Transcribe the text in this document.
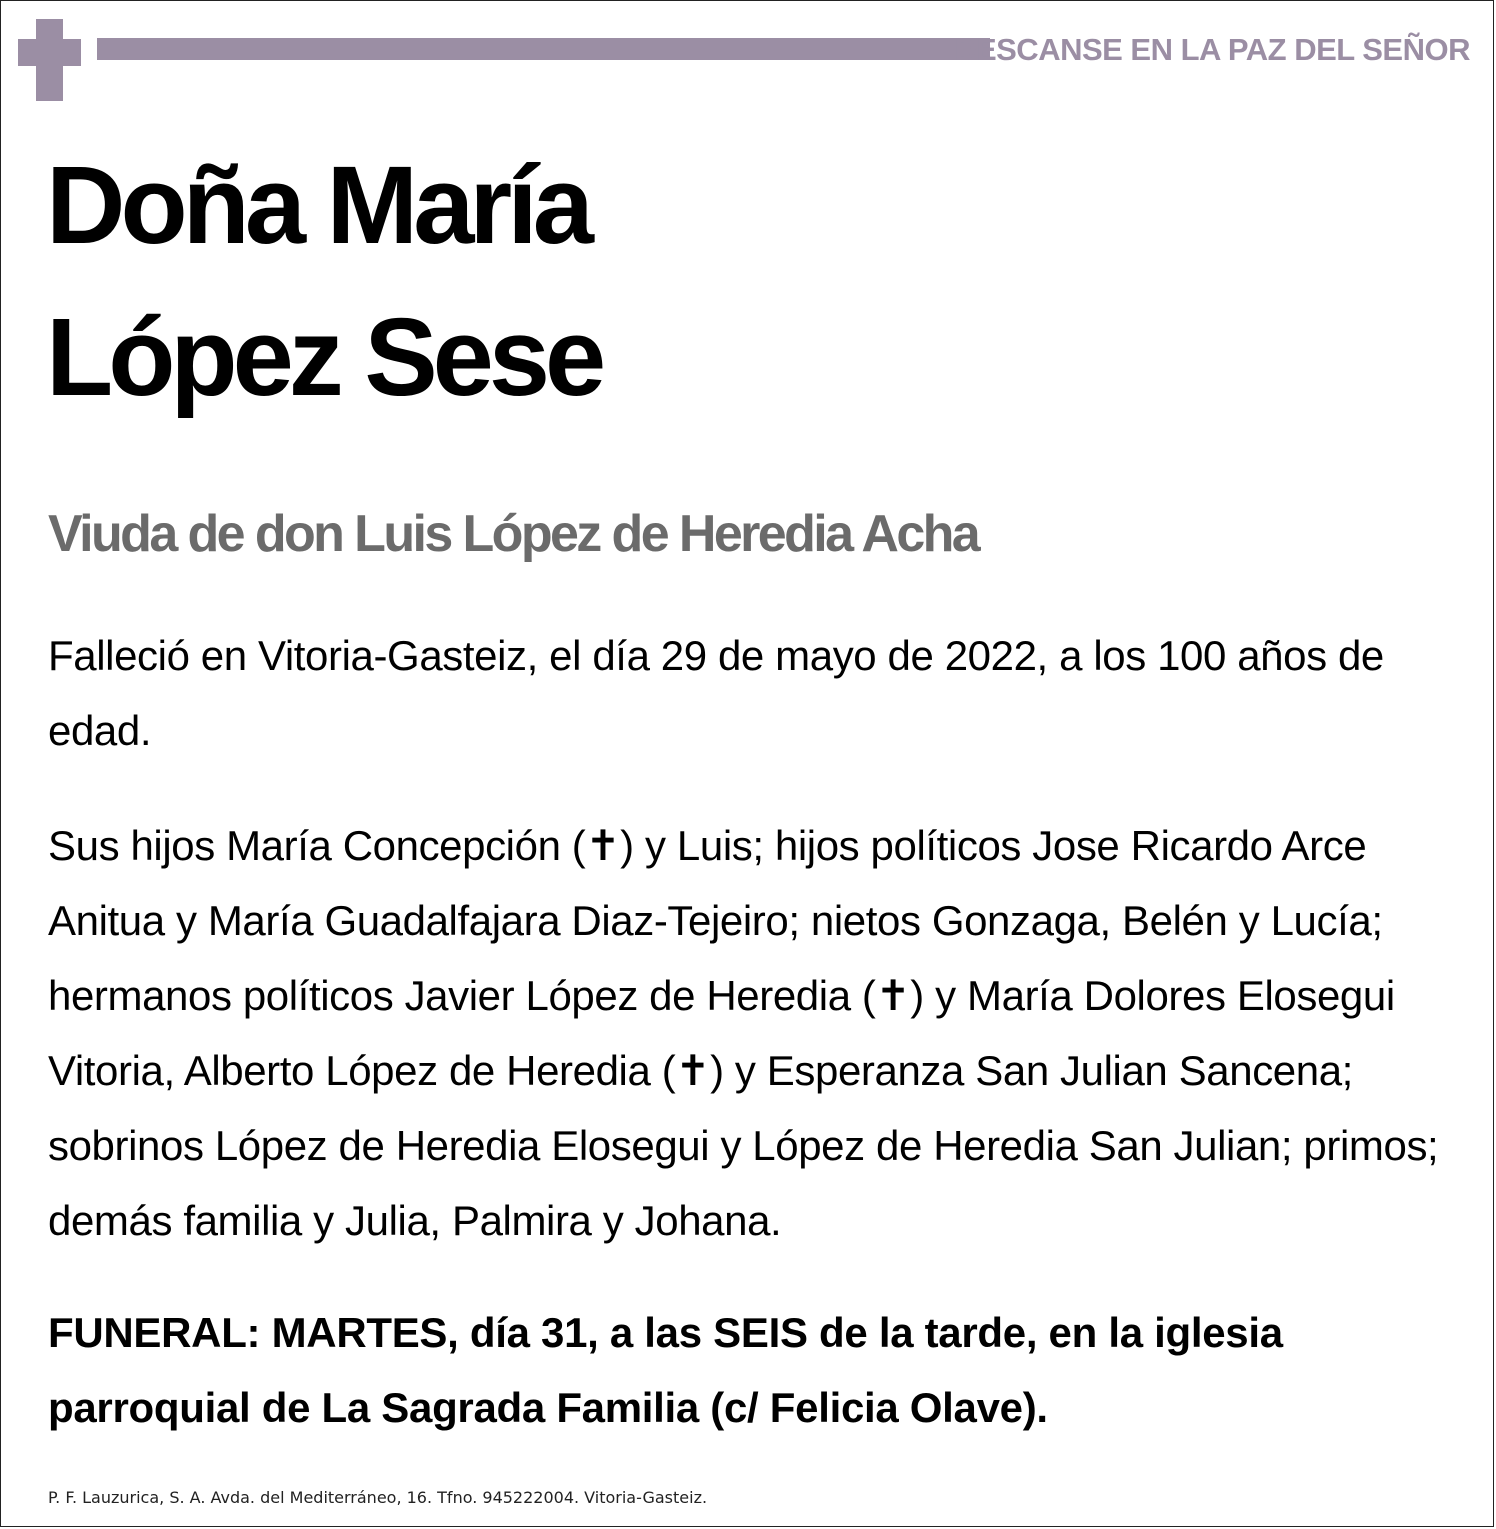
DESCANSE EN LA PAZ DEL SEÑOR
Doña María
López Sese
Viuda de don Luis López de Heredia Acha
Falleció en Vitoria-Gasteiz, el día 29 de mayo de 2022, a los 100 años de edad.
Sus hijos María Concepción (✝) y Luis; hijos políticos Jose Ricardo Arce Anitua y María Guadalfajara Diaz-Tejeiro; nietos Gonzaga, Belén y Lucía; hermanos políticos Javier López de Heredia (✝) y María Dolores Elosegui Vitoria, Alberto López de Heredia (✝) y Esperanza San Julian Sancena; sobrinos López de Heredia Elosegui y López de Heredia San Julian; primos; demás familia y Julia, Palmira y Johana.
FUNERAL: MARTES, día 31, a las SEIS de la tarde, en la iglesia parroquial de La Sagrada Familia (c/ Felicia Olave).
P. F. Lauzurica, S. A. Avda. del Mediterráneo, 16. Tfno. 945222004. Vitoria-Gasteiz.
